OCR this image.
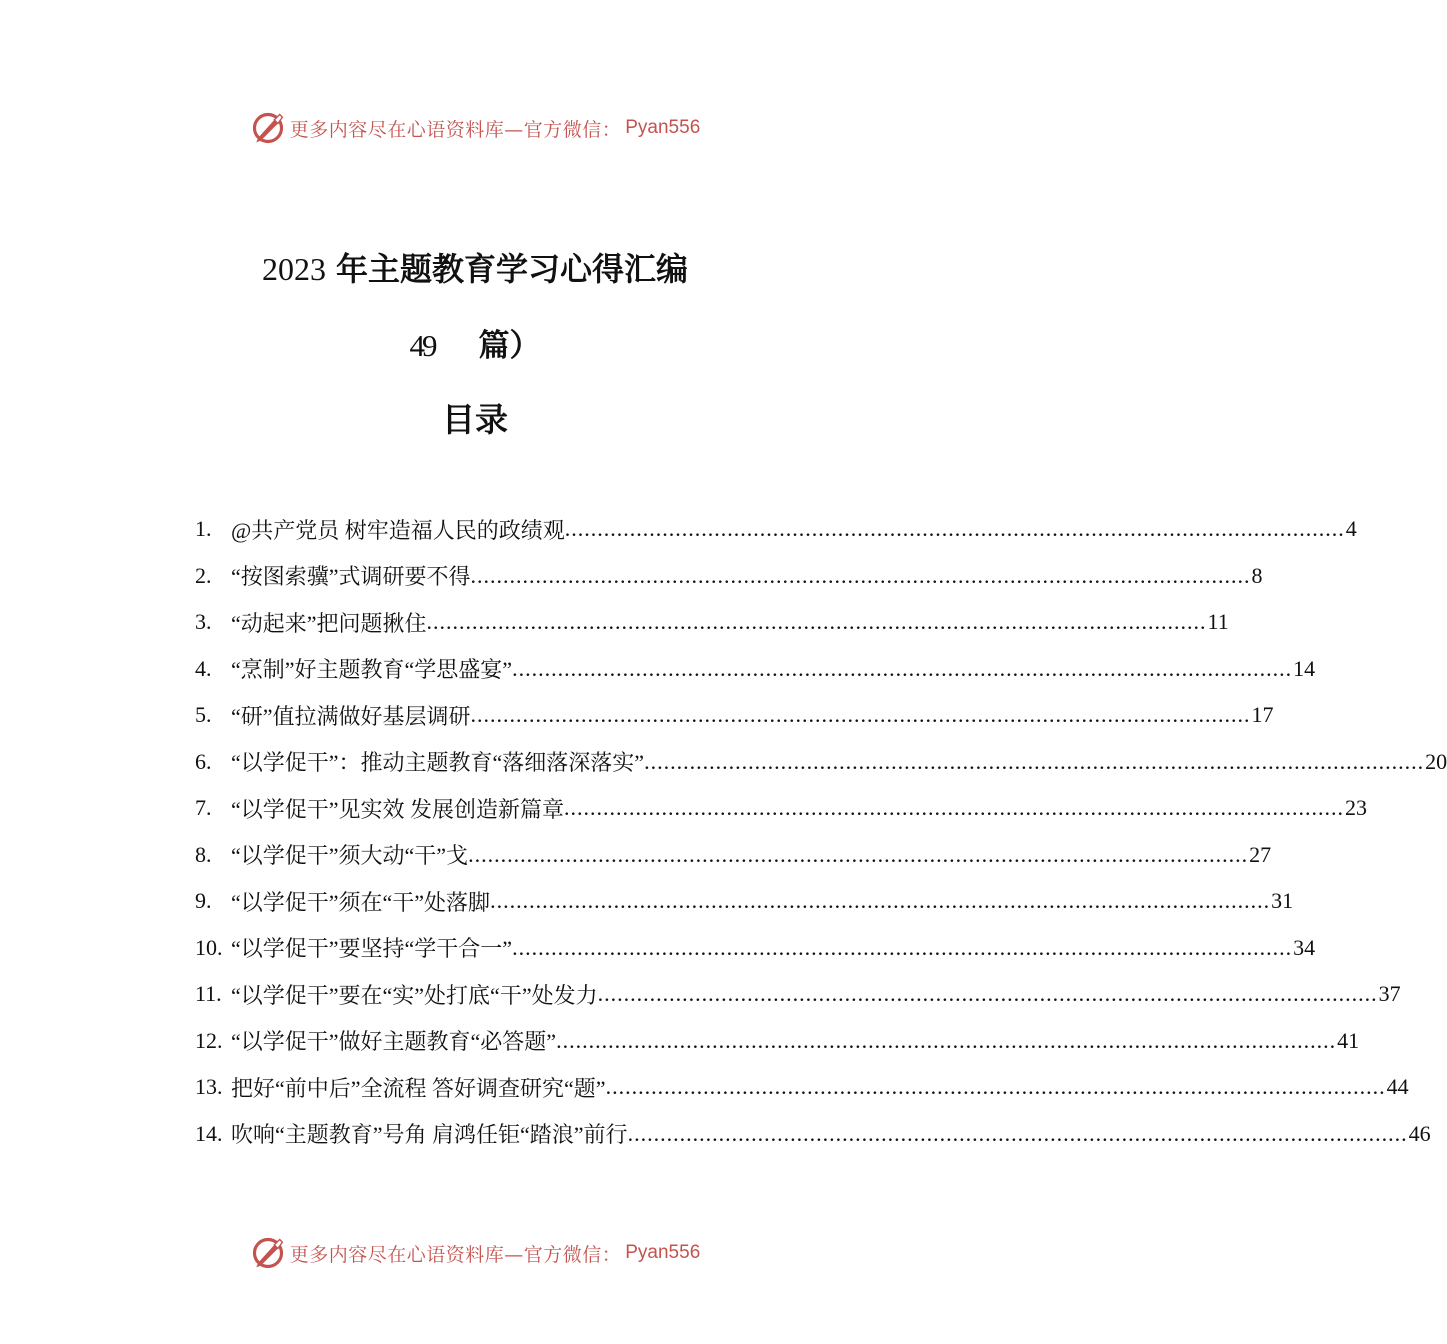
更多内容尽在心语资料库—官方微信： Pyan556
2023 年主题教育学习心得汇编
49 篇）
目录
1. @共产党员 树牢造福人民的政绩观 ........................................................................................................................ 4
2. “按图索骥”式调研要不得 ........................................................................................................................ 8
3. “动起来”把问题揪住 ........................................................................................................................ 11
4. “烹制”好主题教育“学思盛宴” ........................................................................................................................ 14
5. “研”值拉满做好基层调研 ........................................................................................................................ 17
6. “以学促干”：推动主题教育“落细落深落实” ........................................................................................................................ 20
7. “以学促干”见实效 发展创造新篇章 ........................................................................................................................ 23
8. “以学促干”须大动“干”戈 ........................................................................................................................ 27
9. “以学促干”须在“干”处落脚 ........................................................................................................................ 31
10. “以学促干”要坚持“学干合一” ........................................................................................................................ 34
11. “以学促干”要在“实”处打底“干”处发力 ........................................................................................................................ 37
12. “以学促干”做好主题教育“必答题” ........................................................................................................................ 41
13. 把好“前中后”全流程 答好调查研究“题” ........................................................................................................................ 44
14. 吹响“主题教育”号角 肩鸿任钜“踏浪”前行 ........................................................................................................................ 46
更多内容尽在心语资料库—官方微信： Pyan556
